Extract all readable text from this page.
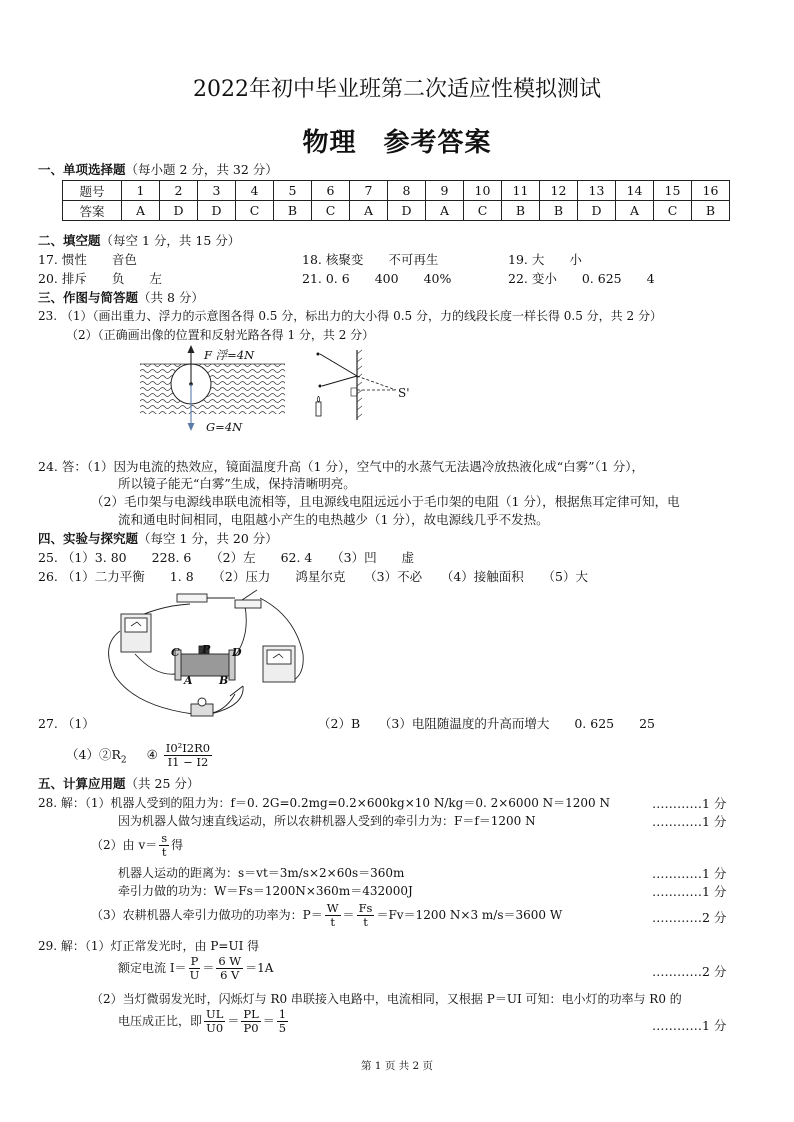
2022年初中毕业班第二次适应性模拟测试
物理　参考答案
一、单项选择题（每小题 2 分，共 32 分）
题号	1	2	3	4	5	6	7	8	9	10	11	12	13	14	15	16
答案	A	D	D	C	B	C	A	D	A	C	B	B	D	A	C	B
二、填空题（每空 1 分，共 15 分）
17. 惯性　　音色	18. 核聚变　　不可再生	19. 大　　小
20. 排斥　　负　　左	21. 0. 6　　400　　40%	22. 变小　　0. 625　　4
三、作图与简答题（共 8 分）
23. （1）（画出重力、浮力的示意图各得 0.5 分，标出力的大小得 0.5 分，力的线段长度一样长得 0.5 分，共 2 分）
（2）（正确画出像的位置和反射光路各得 1 分，共 2 分）
F 浮=4N
G=4N
S'
24. 答：（1）因为电流的热效应，镜面温度升高（1 分），空气中的水蒸气无法遇冷放热液化成“白雾”（1 分），
所以镜子能无“白雾”生成，保持清晰明亮。
（2）毛巾架与电源线串联电流相等，且电源线电阻远远小于毛巾架的电阻（1 分），根据焦耳定律可知，电
流和通电时间相同，电阻越小产生的电热越少（1 分），故电源线几乎不发热。
四、实验与探究题（每空 1 分，共 20 分）
25. （1）3. 80　　228. 6　　（2）左　　62. 4　　（3）凹　　虚
26. （1）二力平衡　　1. 8　　（2）压力　　鸿星尔克　　（3）不必　　（4）接触面积　　（5）大
C P D
A B
27. （1）	（2）B　　（3）电阻随温度的升高而增大　　0. 625　　25
$(4)②R_2$ ④ $\frac{\text{I0²I2R0}}{I1 - I2}$
五、计算应用题（共 25 分）
28. 解：（1）机器人受到的阻力为：f＝0. 2G=0.2mg=0.2×600kg×10 N/kg＝0. 2×6000 N＝1200 N	…………1 分
因为机器人做匀速直线运动，所以农耕机器人受到的牵引力为：F＝f＝1200 N	…………1 分
（2）由 $v= \frac{s}{t}$ 得
机器人运动的距离为：s＝vt＝3m/s×2×60s＝360m	…………1 分
牵引力做的功为：W＝Fs＝1200N×360m＝432000J	…………1 分
（3）农耕机器人牵引力做功的功率为：$P= \frac{W}{t} = \frac{Fs}{t} =Fv=1200$ N×3 m/s＝3600 W	…………2 分
29. 解：（1）灯正常发光时，由 P=UI 得
额定电流 $I= \frac{P}{U} = \frac{6 W}{6 V} =1A$	…………2 分
（2）当灯微弱发光时，闪烁灯与 R0 串联接入电路中，电流相同，又根据 P＝UI 可知：电小灯的功率与 R0 的
电压成正比，即 $\frac{UL}{U0} = \frac{PL}{P0} = \frac{1}{5}$	…………1 分
第 1 页 共 2 页
